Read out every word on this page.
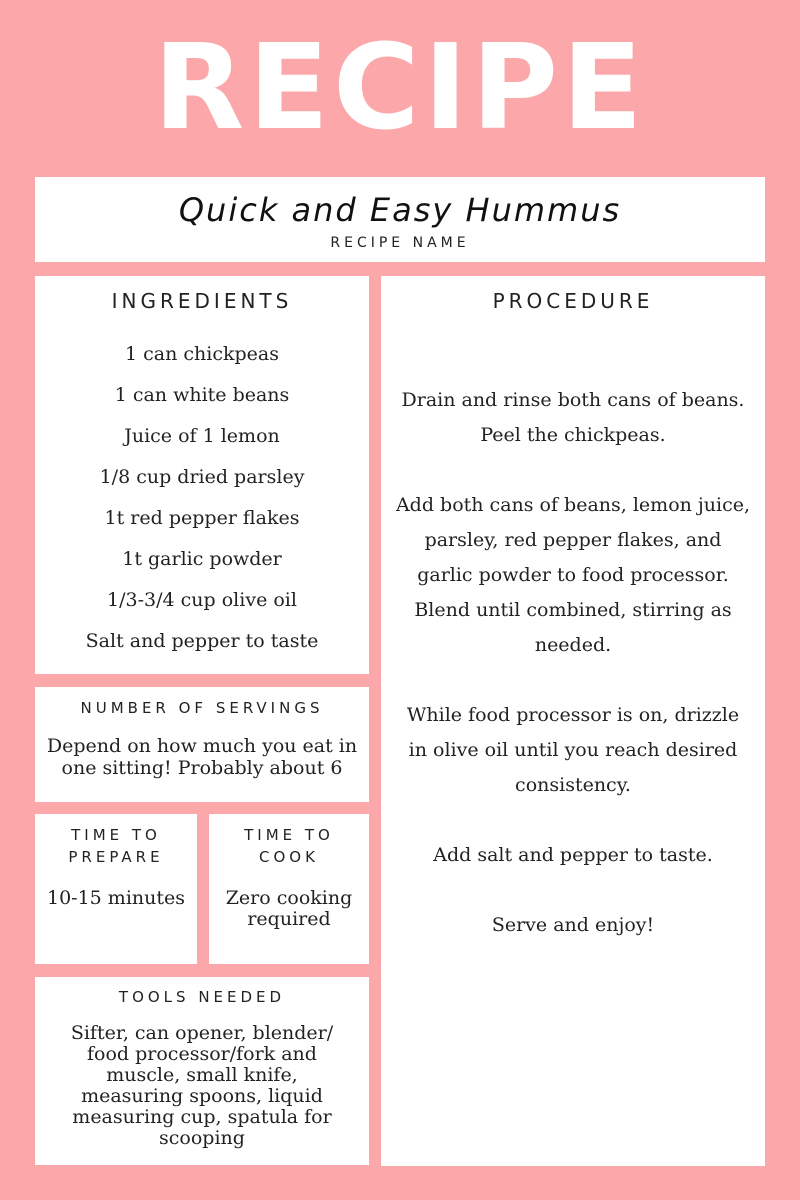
RECIPE
Quick and Easy Hummus
RECIPE NAME
INGREDIENTS
1 can chickpeas
1 can white beans
Juice of 1 lemon
1/8 cup dried parsley
1t red pepper flakes
1t garlic powder
1/3-3/4 cup olive oil
Salt and pepper to taste
PROCEDURE

Drain and rinse both cans of beans. Peel the chickpeas.

Add both cans of beans, lemon juice, parsley, red pepper flakes, and garlic powder to food processor. Blend until combined, stirring as needed.

While food processor is on, drizzle in olive oil until you reach desired consistency.

Add salt and pepper to taste.

Serve and enjoy!

NUMBER OF SERVINGS
Depend on how much you eat in one sitting! Probably about 6
TIME TO PREPARE
10-15 minutes
TIME TO COOK
Zero cooking required
TOOLS NEEDED
Sifter, can opener, blender/ food processor/fork and muscle, small knife, measuring spoons, liquid measuring cup, spatula for scooping
